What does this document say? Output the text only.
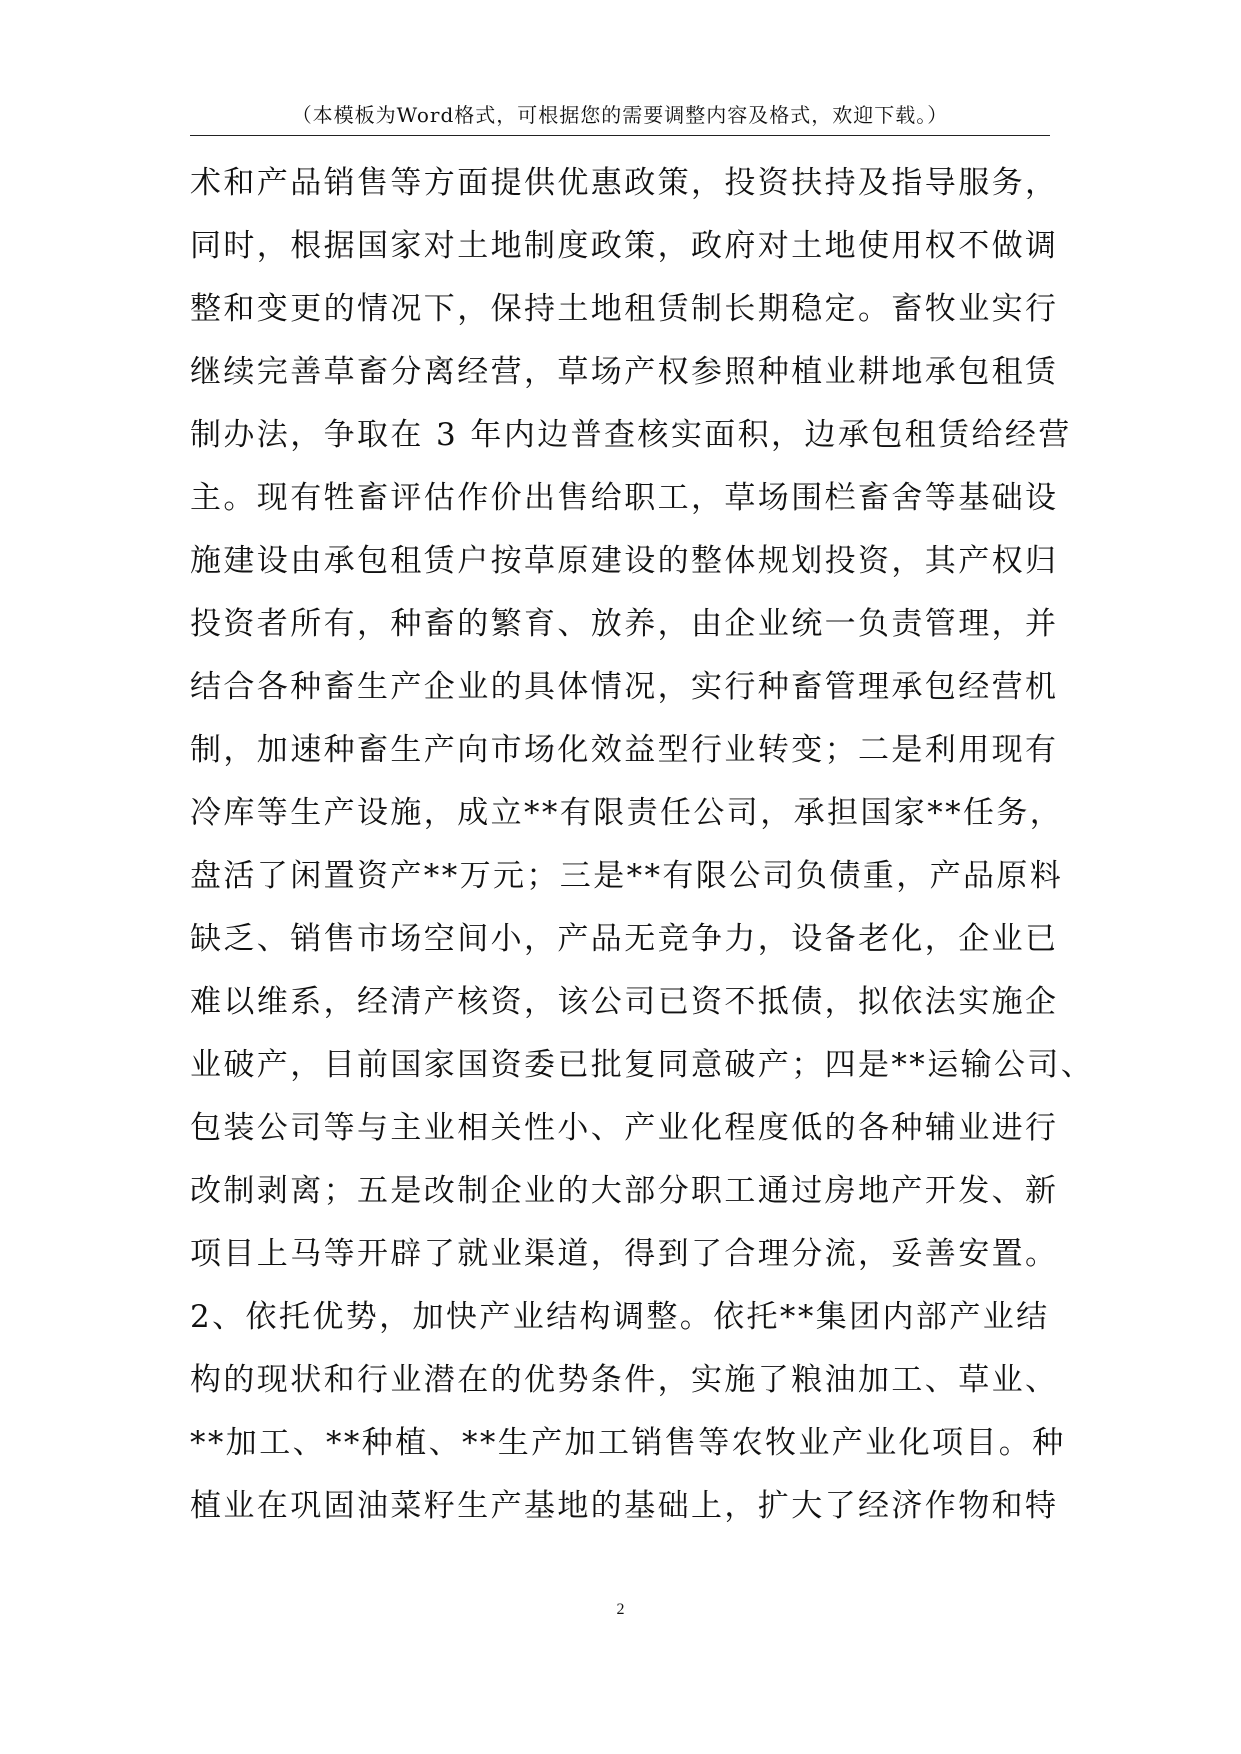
（本模板为Word格式，可根据您的需要调整内容及格式，欢迎下载。）
术和产品销售等方面提供优惠政策，投资扶持及指导服务，
同时，根据国家对土地制度政策，政府对土地使用权不做调
整和变更的情况下，保持土地租赁制长期稳定。畜牧业实行
继续完善草畜分离经营，草场产权参照种植业耕地承包租赁
制办法，争取在 3 年内边普查核实面积，边承包租赁给经营
主。现有牲畜评估作价出售给职工，草场围栏畜舍等基础设
施建设由承包租赁户按草原建设的整体规划投资，其产权归
投资者所有，种畜的繁育、放养，由企业统一负责管理，并
结合各种畜生产企业的具体情况，实行种畜管理承包经营机
制，加速种畜生产向市场化效益型行业转变；二是利用现有
冷库等生产设施，成立**有限责任公司，承担国家**任务，
盘活了闲置资产**万元；三是**有限公司负债重，产品原料
缺乏、销售市场空间小，产品无竞争力，设备老化，企业已
难以维系，经清产核资，该公司已资不抵债，拟依法实施企
业破产，目前国家国资委已批复同意破产；四是**运输公司、
包装公司等与主业相关性小、产业化程度低的各种辅业进行
改制剥离；五是改制企业的大部分职工通过房地产开发、新
项目上马等开辟了就业渠道，得到了合理分流，妥善安置。
2、依托优势，加快产业结构调整。依托**集团内部产业结
构的现状和行业潜在的优势条件，实施了粮油加工、草业、
**加工、**种植、**生产加工销售等农牧业产业化项目。种
植业在巩固油菜籽生产基地的基础上，扩大了经济作物和特
2
